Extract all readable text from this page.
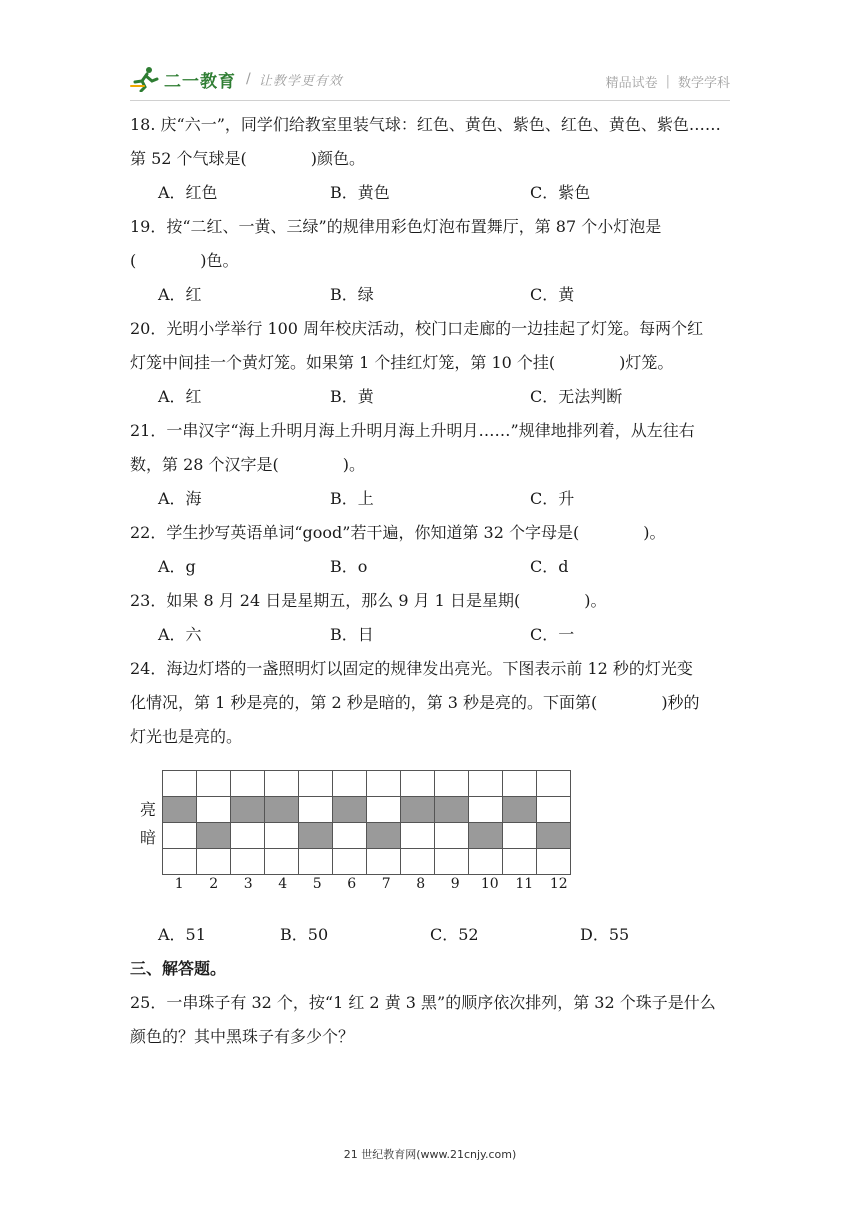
二一教育 / 让教学更有效	精品试卷 | 数学学科
18. 庆“六一”，同学们给教室里装气球：红色、黄色、紫色、红色、黄色、紫色……
第 52 个气球是(	)颜色。
A．红色	B．黄色	C．紫色
19．按“二红、一黄、三绿”的规律用彩色灯泡布置舞厅，第 87 个小灯泡是
(	)色。
A．红	B．绿	C．黄
20．光明小学举行 100 周年校庆活动，校门口走廊的一边挂起了灯笼。每两个红
灯笼中间挂一个黄灯笼。如果第 1 个挂红灯笼，第 10 个挂(	)灯笼。
A．红	B．黄	C．无法判断
21．一串汉字“海上升明月海上升明月海上升明月……”规律地排列着，从左往右
数，第 28 个汉字是(	)。
A．海	B．上	C．升
22．学生抄写英语单词“good”若干遍，你知道第 32 个字母是(	)。
A．g	B．o	C．d
23．如果 8 月 24 日是星期五，那么 9 月 1 日是星期(	)。
A．六	B．日	C．一
24．海边灯塔的一盏照明灯以固定的规律发出亮光。下图表示前 12 秒的灯光变
化情况，第 1 秒是亮的，第 2 秒是暗的，第 3 秒是亮的。下面第(	)秒的
灯光也是亮的。
亮
暗

1	2	3	4	5	6	7	8	9	10	11	12
A．51	B．50	C．52	D．55
三、解答题。
25．一串珠子有 32 个，按“1 红 2 黄 3 黑”的顺序依次排列，第 32 个珠子是什么
颜色的？其中黑珠子有多少个？
21 世纪教育网(www.21cnjy.com)
